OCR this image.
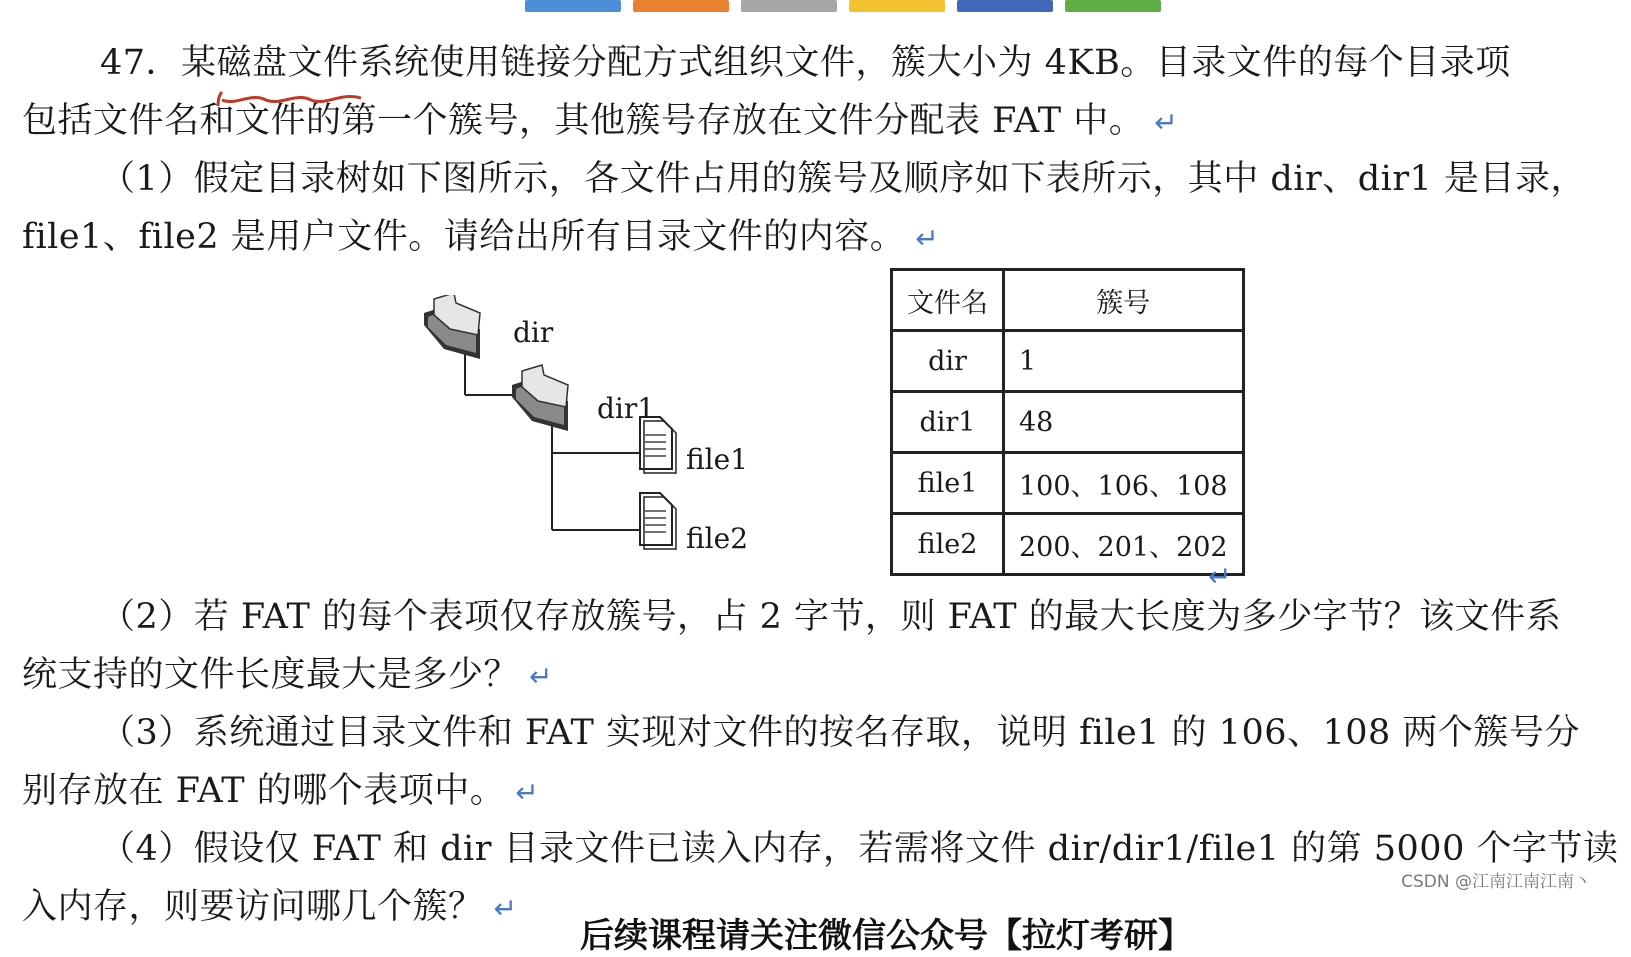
47．某磁盘文件系统使用链接分配方式组织文件，簇大小为 4KB。目录文件的每个目录项
包括文件名和文件的第一个簇号，其他簇号存放在文件分配表 FAT 中。 ↵
（1）假定目录树如下图所示，各文件占用的簇号及顺序如下表所示，其中 dir、dir1 是目录，
file1、file2 是用户文件。请给出所有目录文件的内容。 ↵
dir
dir1
file1
file2
文件名	簇号
dir	1
dir1	48
file1	100、106、108
file2	200、201、202
↵
（2）若 FAT 的每个表项仅存放簇号，占 2 字节，则 FAT 的最大长度为多少字节？该文件系
统支持的文件长度最大是多少？ ↵
（3）系统通过目录文件和 FAT 实现对文件的按名存取，说明 file1 的 106、108 两个簇号分
别存放在 FAT 的哪个表项中。 ↵
（4）假设仅 FAT 和 dir 目录文件已读入内存，若需将文件 dir/dir1/file1 的第 5000 个字节读
入内存，则要访问哪几个簇？ ↵
后续课程请关注微信公众号【拉灯考研】
CSDN @江南江南江南丶
